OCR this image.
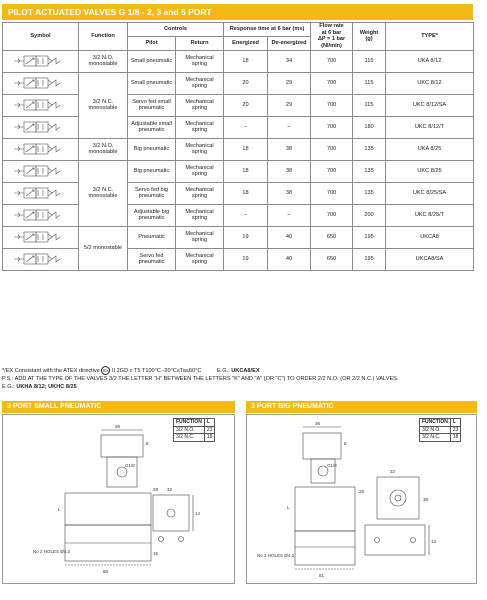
PILOT ACTUATED VALVES G 1/8 - 2, 3 and 5 PORT
Symbol	Function	Controls		Response time at 6 bar (ms)		Flow rate
at 6 bar
ΔP = 1 bar (Nl/min)	Weight
(g)	TYPE*
		Pilot	Return	Energized	De-energized			

	3/2 N.O. monostable	Small pneumatic	Mechanical spring	18	34	700	115	UKA 8/12

	3/2 N.C. monostable	Small pneumatic	Mechanical spring	20	29	700	115	UKC 8/12

	Servo fed small pneumatic	Mechanical spring	20	29	700	115	UKC 8/12/SA

	Adjustable small pneumatic	Mechanical spring	–	–	700	180	UKC 8/12/T

	3/2 N.O. monostable	Big pneumatic	Mechanical spring	18	38	700	135	UKA 8/25

	3/2 N.C. monostable	Big pneumatic	Mechanical spring	18	38	700	135	UKC 8/25

	Servo fed big pneumatic	Mechanical spring	18	38	700	135	UKC 8/25/SA

	Adjustable big pneumatic	Mechanical spring	–	–	700	200	UKC 8/25/T

	5/2 monostable	Pneumatic	Mechanical spring	19	40	650	195	UKCA8

	Servo fed pneumatic	Mechanical spring	19	40	650	195	UKCA8/SA
*/EX Consistant with the ATEX directive Ex II 2GD c T5 T100°C -20°C≤Ta≤60°C	E.G.: UKCA8/EX
P.S.: ADD AT THE TYPE OF THE VALVES 3/2 THE LETTER "H" BETWEEN THE LETTERS "K" AND "A" (OR "C") TO ORDER 2/2 N.O. (OR 2/2 N.C.) VALVES.
E.G.: UKHA 8/12; UKHC 8/25
3 PORT SMALL PNEUMATIC
36
8
G1/8
28
14
L
15
No 2 HOLES Ø4.3
80
32
FUNCTION	L
3/2 N.O.	23
3/2 N.C.	18
3 PORT BIG PNEUMATIC
36
8
G1/8
28
32
L
14
No 2 HOLES Ø4.3
81
38
FUNCTION	L
3/2 N.O.	23
3/2 N.C.	18
